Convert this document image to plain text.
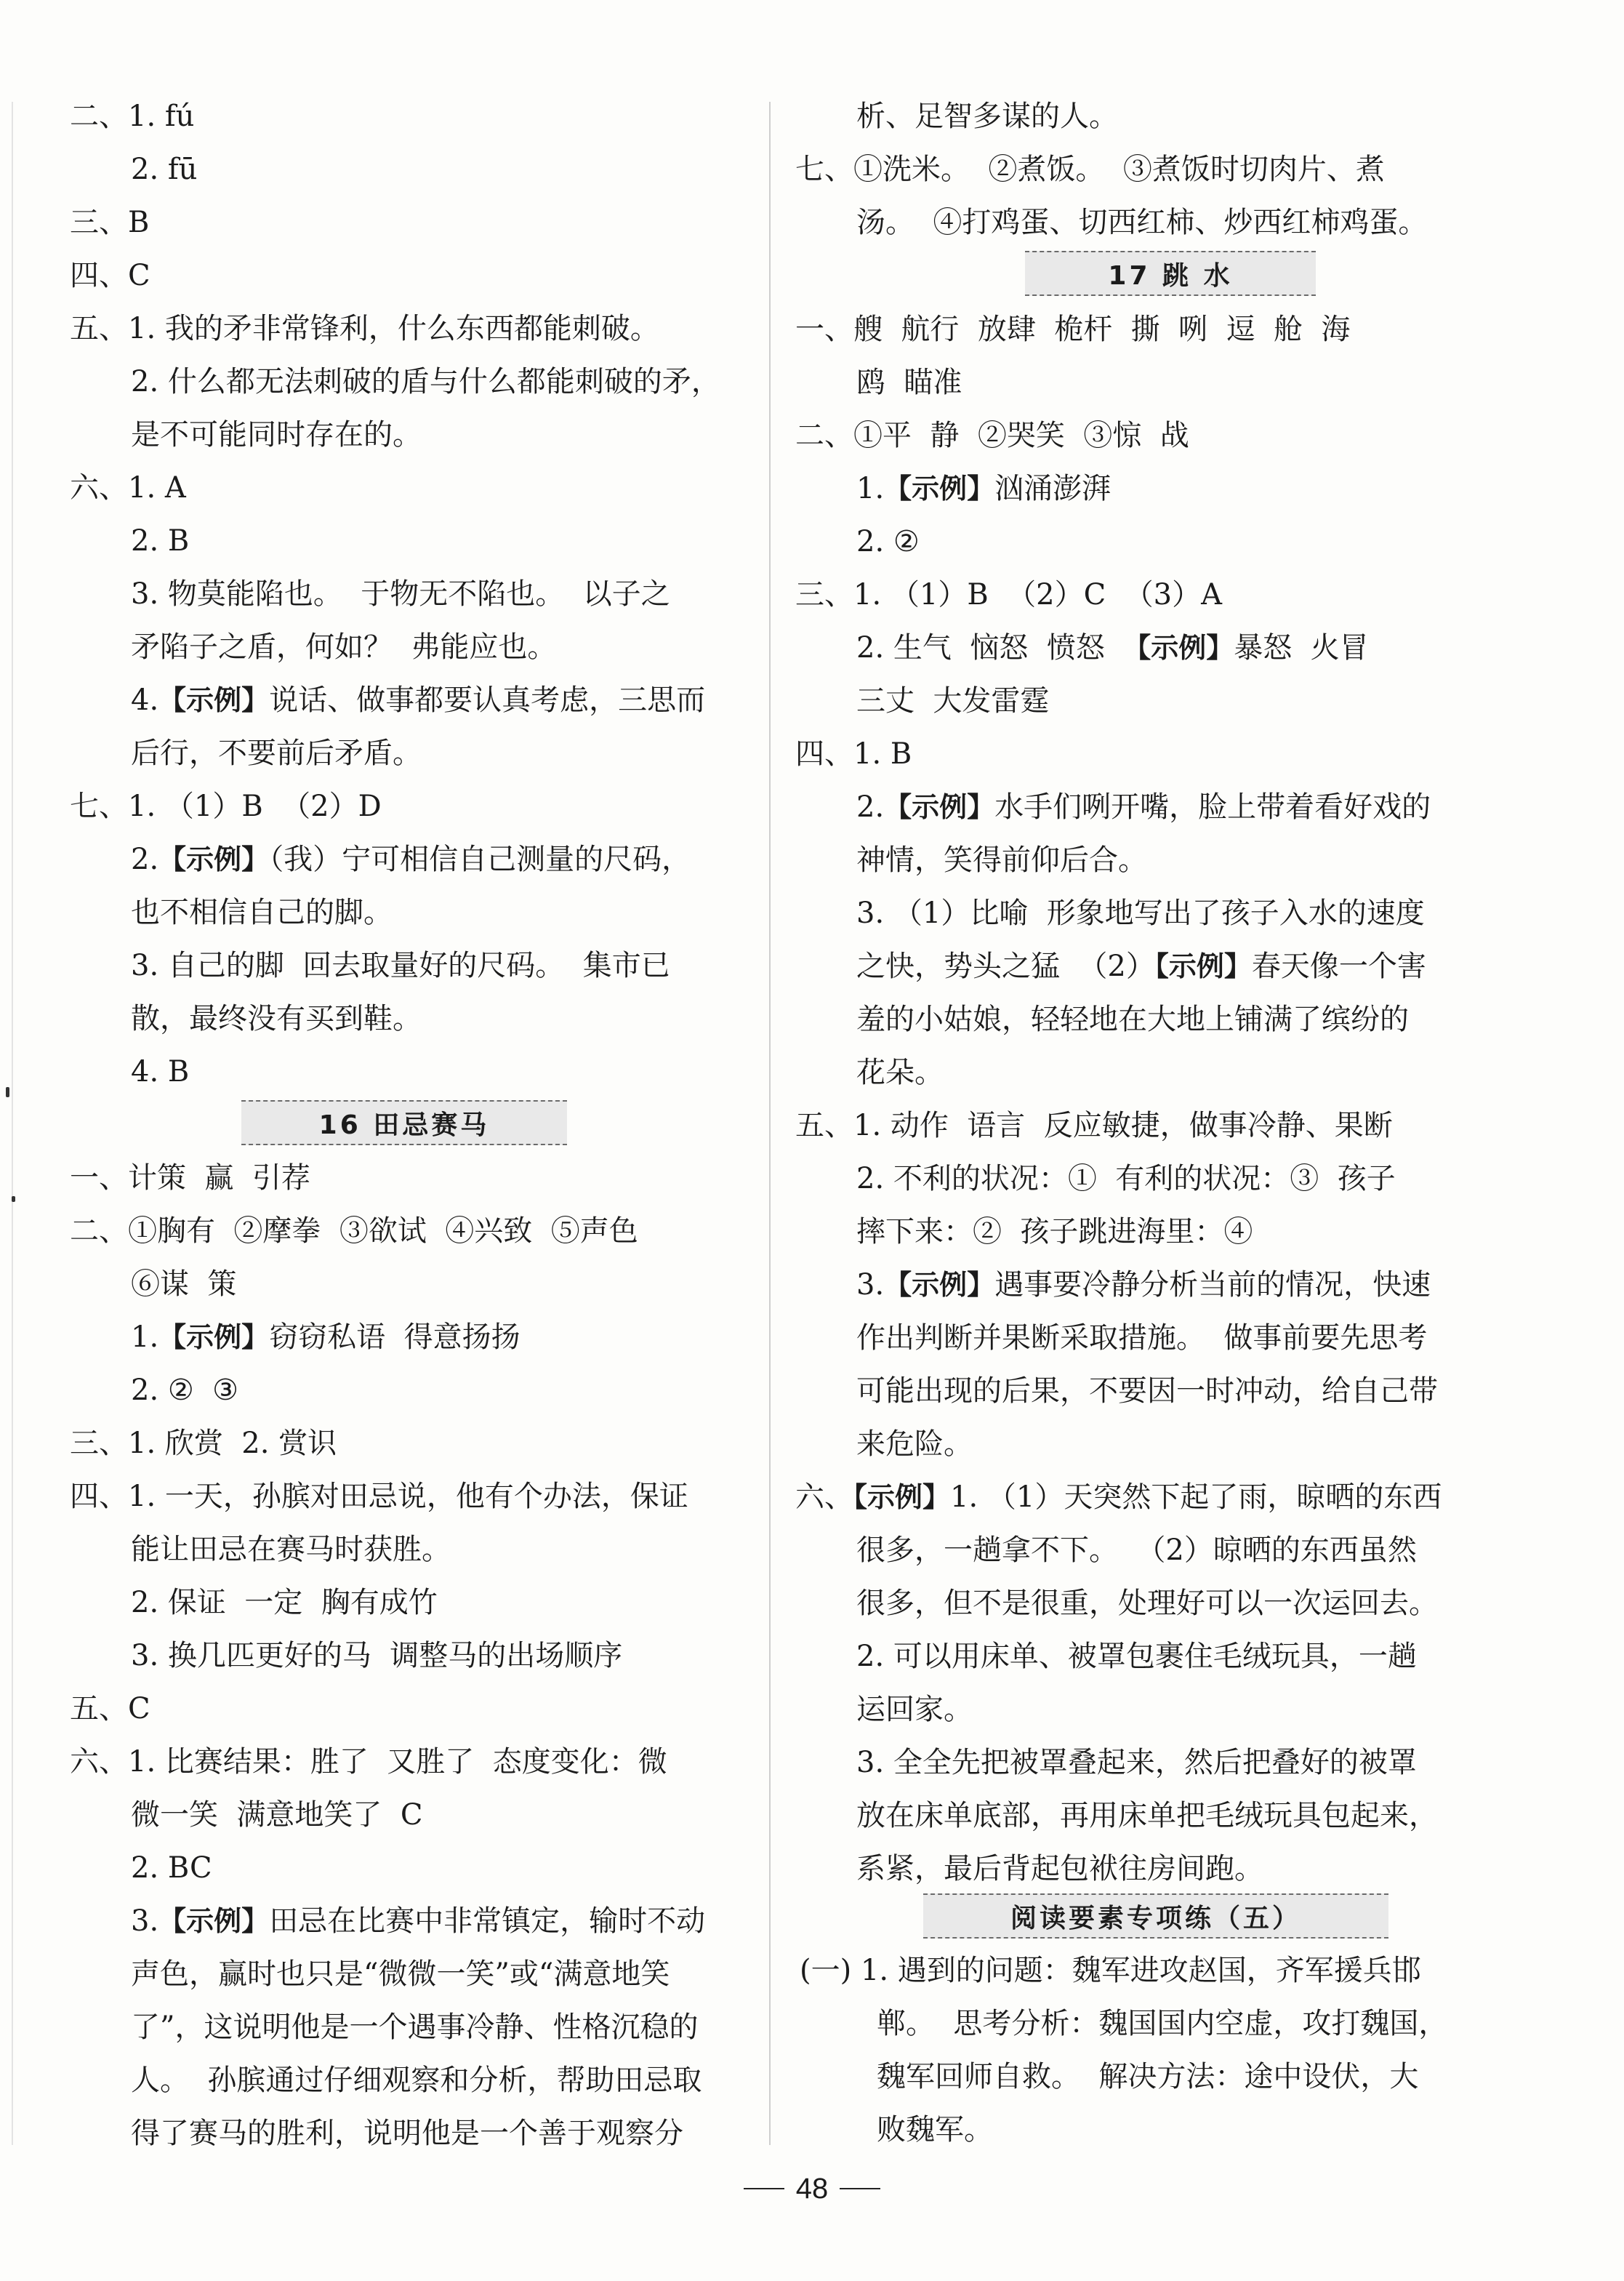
二、1. fú
2. fū
三、B
四、C
五、1. 我的矛非常锋利，什么东西都能刺破。
2. 什么都无法刺破的盾与什么都能刺破的矛，
是不可能同时存在的。
六、1. A
2. B
3. 物莫能陷也。  于物无不陷也。  以子之
矛陷子之盾，何如？  弗能应也。
4.【示例】说话、做事都要认真考虑，三思而
后行，不要前后矛盾。
七、1. （1）B  （2）D
2.【示例】（我）宁可相信自己测量的尺码，
也不相信自己的脚。
3. 自己的脚  回去取量好的尺码。  集市已
散，最终没有买到鞋。
4. B
16 田忌赛马
一、计策  赢  引荐
二、①胸有  ②摩拳  ③欲试  ④兴致  ⑤声色
⑥谋  策
1.【示例】窃窃私语  得意扬扬
2. ②  ③
三、1. 欣赏  2. 赏识
四、1. 一天，孙膑对田忌说，他有个办法，保证
能让田忌在赛马时获胜。
2. 保证  一定  胸有成竹
3. 换几匹更好的马  调整马的出场顺序
五、C
六、1. 比赛结果：胜了  又胜了  态度变化：微
微一笑  满意地笑了  C
2. BC
3.【示例】田忌在比赛中非常镇定，输时不动
声色，赢时也只是“微微一笑”或“满意地笑
了”，这说明他是一个遇事冷静、性格沉稳的
人。  孙膑通过仔细观察和分析，帮助田忌取
得了赛马的胜利，说明他是一个善于观察分
析、足智多谋的人。
七、①洗米。  ②煮饭。  ③煮饭时切肉片、煮
汤。  ④打鸡蛋、切西红柿、炒西红柿鸡蛋。
17 跳 水
一、艘  航行  放肆  桅杆  撕  咧  逗  舱  海
鸥  瞄准
二、①平  静  ②哭笑  ③惊  战
1.【示例】汹涌澎湃
2. ②
三、1. （1）B  （2）C  （3）A
2. 生气  恼怒  愤怒 【示例】暴怒  火冒
三丈  大发雷霆
四、1. B
2.【示例】水手们咧开嘴，脸上带着看好戏的
神情，笑得前仰后合。
3. （1）比喻  形象地写出了孩子入水的速度
之快，势头之猛  （2）【示例】春天像一个害
羞的小姑娘，轻轻地在大地上铺满了缤纷的
花朵。
五、1. 动作  语言  反应敏捷，做事冷静、果断
2. 不利的状况：①  有利的状况：③  孩子
摔下来：②  孩子跳进海里：④
3.【示例】遇事要冷静分析当前的情况，快速
作出判断并果断采取措施。  做事前要先思考
可能出现的后果，不要因一时冲动，给自己带
来危险。
六、【示例】1. （1）天突然下起了雨，晾晒的东西
很多，一趟拿不下。  （2）晾晒的东西虽然
很多，但不是很重，处理好可以一次运回去。
2. 可以用床单、被罩包裹住毛绒玩具，一趟
运回家。
3. 全全先把被罩叠起来，然后把叠好的被罩
放在床单底部，再用床单把毛绒玩具包起来，
系紧，最后背起包袱往房间跑。
阅读要素专项练（五）
(一) 1. 遇到的问题：魏军进攻赵国，齐军援兵邯
郸。  思考分析：魏国国内空虚，攻打魏国，
魏军回师自救。  解决方法：途中设伏，大
败魏军。
48
